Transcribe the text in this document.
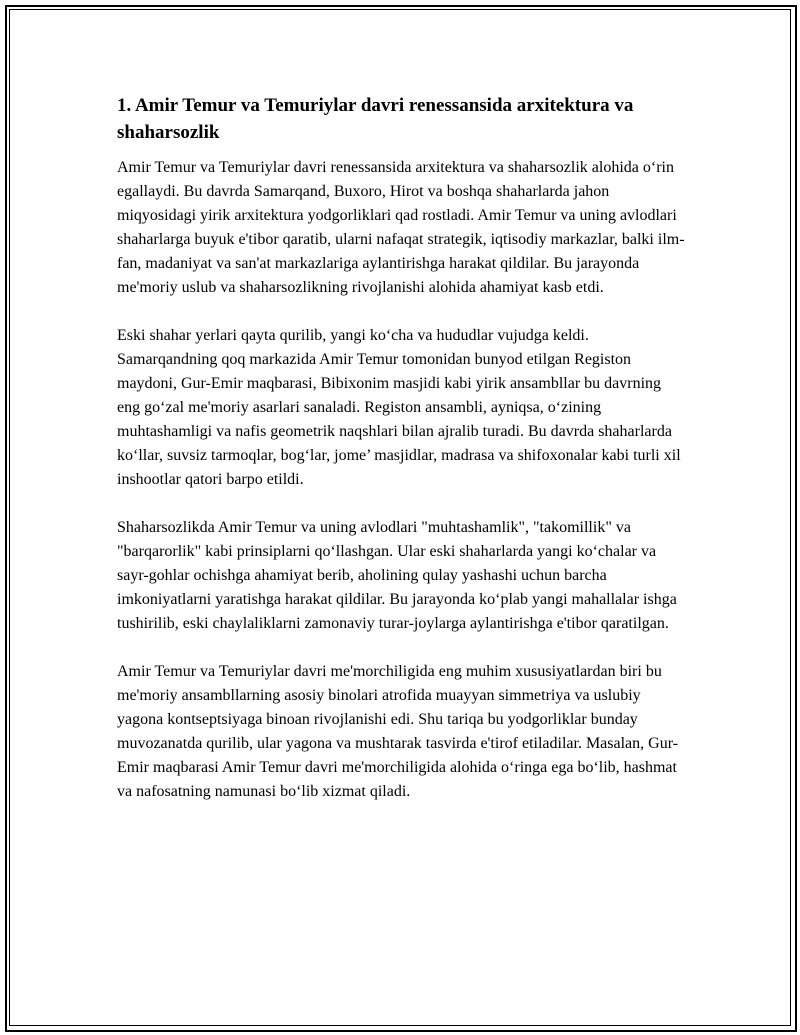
1. Amir Temur va Temuriylar davri renessansida arxitektura va shaharsozlik

Amir Temur va Temuriylar davri renessansida arxitektura va shaharsozlik alohida o‘rin egallaydi. Bu davrda Samarqand, Buxoro, Hirot va boshqa shaharlarda jahon miqyosidagi yirik arxitektura yodgorliklari qad rostladi. Amir Temur va uning avlodlari shaharlarga buyuk e'tibor qaratib, ularni nafaqat strategik, iqtisodiy markazlar, balki ilm-fan, madaniyat va san'at markazlariga aylantirishga harakat qildilar. Bu jarayonda me'moriy uslub va shaharsozlikning rivojlanishi alohida ahamiyat kasb etdi.

Eski shahar yerlari qayta qurilib, yangi ko‘cha va hududlar vujudga keldi. Samarqandning qoq markazida Amir Temur tomonidan bunyod etilgan Registon maydoni, Gur-Emir maqbarasi, Bibixonim masjidi kabi yirik ansambllar bu davrning eng go‘zal me'moriy asarlari sanaladi. Registon ansambli, ayniqsa, o‘zining muhtashamligi va nafis geometrik naqshlari bilan ajralib turadi. Bu davrda shaharlarda ko‘llar, suvsiz tarmoqlar, bog‘lar, jome’ masjidlar, madrasa va shifoxonalar kabi turli xil inshootlar qatori barpo etildi.

Shaharsozlikda Amir Temur va uning avlodlari "muhtashamlik", "takomillik" va "barqarorlik" kabi prinsiplarni qo‘llashgan. Ular eski shaharlarda yangi ko‘chalar va sayr-gohlar ochishga ahamiyat berib, aholining qulay yashashi uchun barcha imkoniyatlarni yaratishga harakat qildilar. Bu jarayonda ko‘plab yangi mahallalar ishga tushirilib, eski chaylaliklarni zamonaviy turar-joylarga aylantirishga e'tibor qaratilgan.

Amir Temur va Temuriylar davri me'morchiligida eng muhim xususiyatlardan biri bu me'moriy ansambllarning asosiy binolari atrofida muayyan simmetriya va uslubiy yagona kontseptsiyaga binoan rivojlanishi edi. Shu tariqa bu yodgorliklar bunday muvozanatda qurilib, ular yagona va mushtarak tasvirda e'tirof etiladilar. Masalan, Gur-Emir maqbarasi Amir Temur davri me'morchiligida alohida o‘ringa ega bo‘lib, hashmat va nafosatning namunasi bo‘lib xizmat qiladi.
